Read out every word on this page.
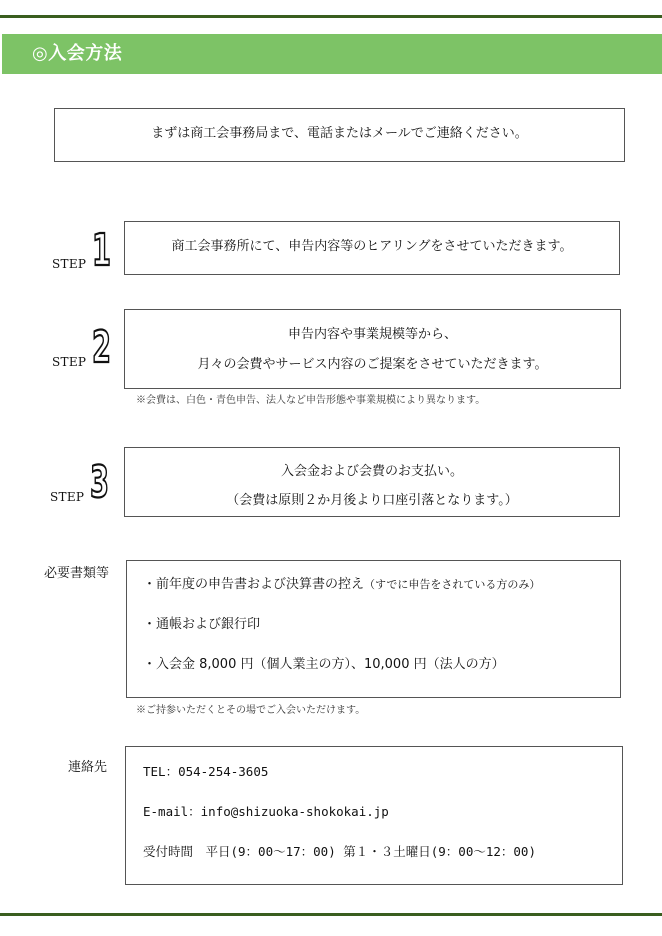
◎入会方法
まずは商工会事務局まで、電話またはメールでご連絡ください。
STEP 1	商工会事務所にて、申告内容等のヒアリングをさせていただきます。
STEP 2	申告内容や事業規模等から、
月々の会費やサービス内容のご提案をさせていただきます。
※会費は、白色・青色申告、法人など申告形態や事業規模により異なります。
STEP 3	入会金および会費のお支払い。
（会費は原則２か月後より口座引落となります。）
必要書類等
・前年度の申告書および決算書の控え（すでに申告をされている方のみ）
・通帳および銀行印
・入会金 8,000 円（個人業主の方）、10,000 円（法人の方）
※ご持参いただくとその場でご入会いただけます。
連絡先	TEL：054-254-3605
E-mail：info@shizuoka-shokokai.jp
受付時間　平日(9：00～17：00) 第１・３土曜日(9：00～12：00)
